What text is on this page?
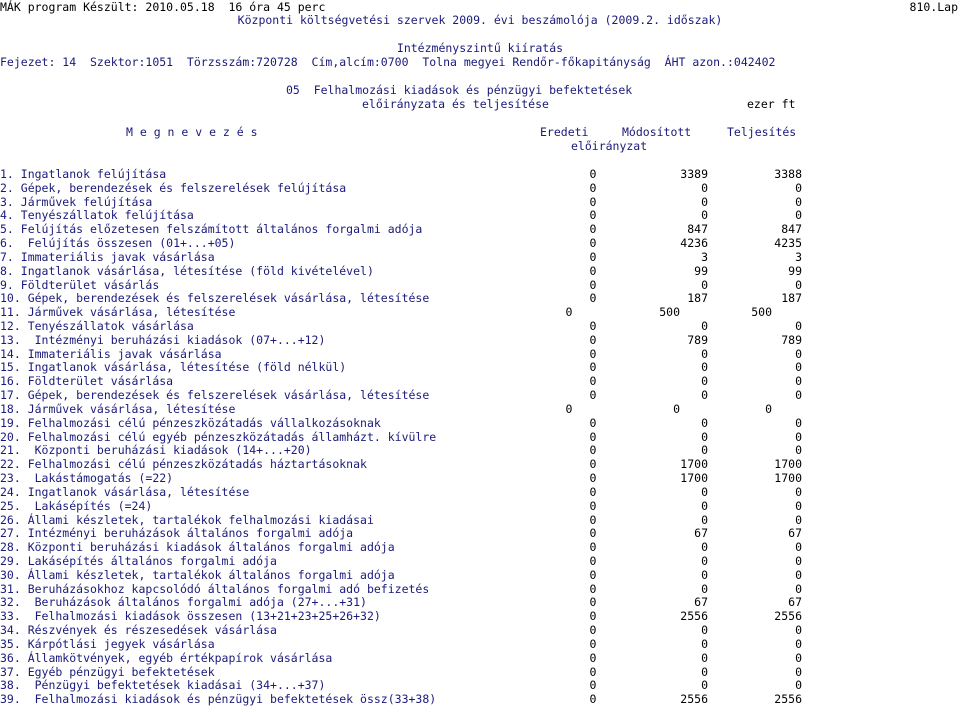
MÁK program Készült: 2010.05.18  16 óra 45 perc	810.Lap
Központi költségvetési szervek 2009. évi beszámolója (2009.2. időszak)
Intézményszintű kiíratás
Fejezet: 14  Szektor:1051  Törzsszám:720728  Cím,alcím:0700  Tolna megyei Rendőr-főkapitányság  ÁHT azon.:042402
05  Felhalmozási kiadások és pénzügyi befektetések
előirányzata és teljesítése	ezer ft
M e g n e v e z é s	Eredeti	Módosított	Teljesítés
előirányzat
1. Ingatlanok felújítása	0	3389	3388
2. Gépek, berendezések és felszerelések felújítása	0	0	0
3. Járművek felújítása	0	0	0
4. Tenyészállatok felújítása	0	0	0
5. Felújítás előzetesen felszámított általános forgalmi adója	0	847	847
6.  Felújítás összesen (01+...+05)	0	4236	4235
7. Immateriális javak vásárlása	0	3	3
8. Ingatlanok vásárlása, létesítése (föld kivételével)	0	99	99
9. Földterület vásárlás	0	0	0
10. Gépek, berendezések és felszerelések vásárlása, létesítése	0	187	187
11. Járművek vásárlása, létesítése	0	500	500
12. Tenyészállatok vásárlása	0	0	0
13.  Intézményi beruházási kiadások (07+...+12)	0	789	789
14. Immateriális javak vásárlása	0	0	0
15. Ingatlanok vásárlása, létesítése (föld nélkül)	0	0	0
16. Földterület vásárlása	0	0	0
17. Gépek, berendezések és felszerelések vásárlása, létesítése	0	0	0
18. Járművek vásárlása, létesítése	0	0	0
19. Felhalmozási célú pénzeszközátadás vállalkozásoknak	0	0	0
20. Felhalmozási célú egyéb pénzeszközátadás államházt. kívülre	0	0	0
21.  Központi beruházási kiadások (14+...+20)	0	0	0
22. Felhalmozási célú pénzeszközátadás háztartásoknak	0	1700	1700
23.  Lakástámogatás (=22)	0	1700	1700
24. Ingatlanok vásárlása, létesítése	0	0	0
25.  Lakásépítés (=24)	0	0	0
26. Állami készletek, tartalékok felhalmozási kiadásai	0	0	0
27. Intézményi beruházások általános forgalmi adója	0	67	67
28. Központi beruházási kiadások általános forgalmi adója	0	0	0
29. Lakásépítés általános forgalmi adója	0	0	0
30. Állami készletek, tartalékok általános forgalmi adója	0	0	0
31. Beruházásokhoz kapcsolódó általános forgalmi adó befizetés	0	0	0
32.  Beruházások általános forgalmi adója (27+...+31)	0	67	67
33.  Felhalmozási kiadások összesen (13+21+23+25+26+32)	0	2556	2556
34. Részvények és részesedések vásárlása	0	0	0
35. Kárpótlási jegyek vásárlása	0	0	0
36. Államkötvények, egyéb értékpapírok vásárlása	0	0	0
37. Egyéb pénzügyi befektetések	0	0	0
38.  Pénzügyi befektetések kiadásai (34+...+37)	0	0	0
39.  Felhalmozási kiadások és pénzügyi befektetések össz(33+38)	0	2556	2556
